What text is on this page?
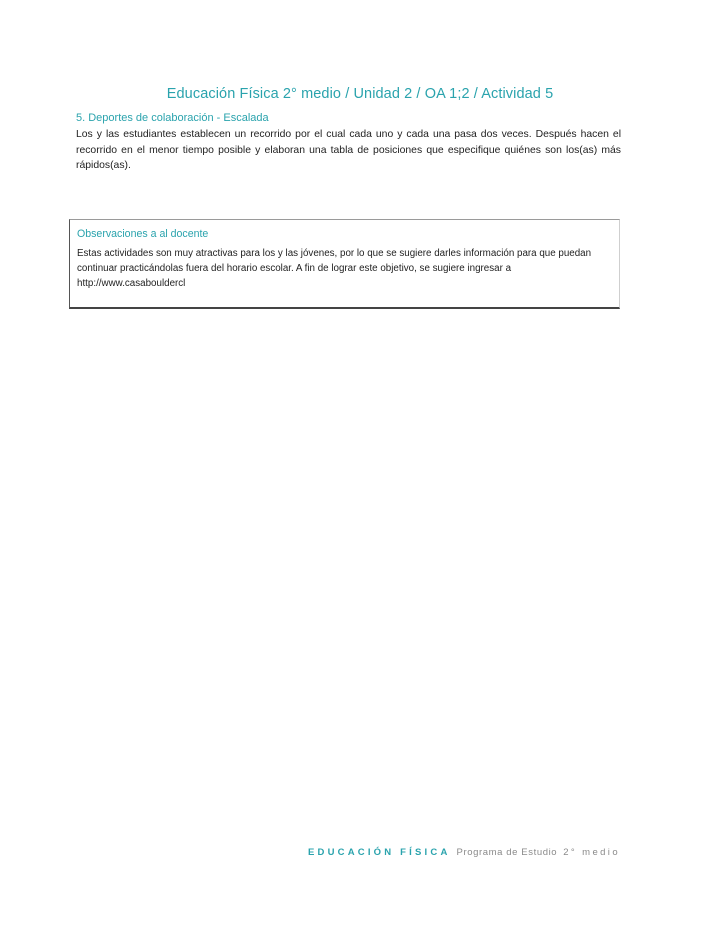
Educación Física 2° medio / Unidad 2 / OA 1;2 / Actividad 5

5. Deportes de colaboración - Escalada

Los y las estudiantes establecen un recorrido por el cual cada uno y cada una pasa dos veces. Después hacen el recorrido en el menor tiempo posible y elaboran una tabla de posiciones que especifique quiénes son los(as) más rápidos(as).

Observaciones a al docente

Estas actividades son muy atractivas para los y las jóvenes, por lo que se sugiere darles información para que puedan continuar practicándolas fuera del horario escolar. A fin de lograr este objetivo, se sugiere ingresar a http://www.casabouldercl

EDUCACIÓN FÍSICA Programa de Estudio 2° medio
